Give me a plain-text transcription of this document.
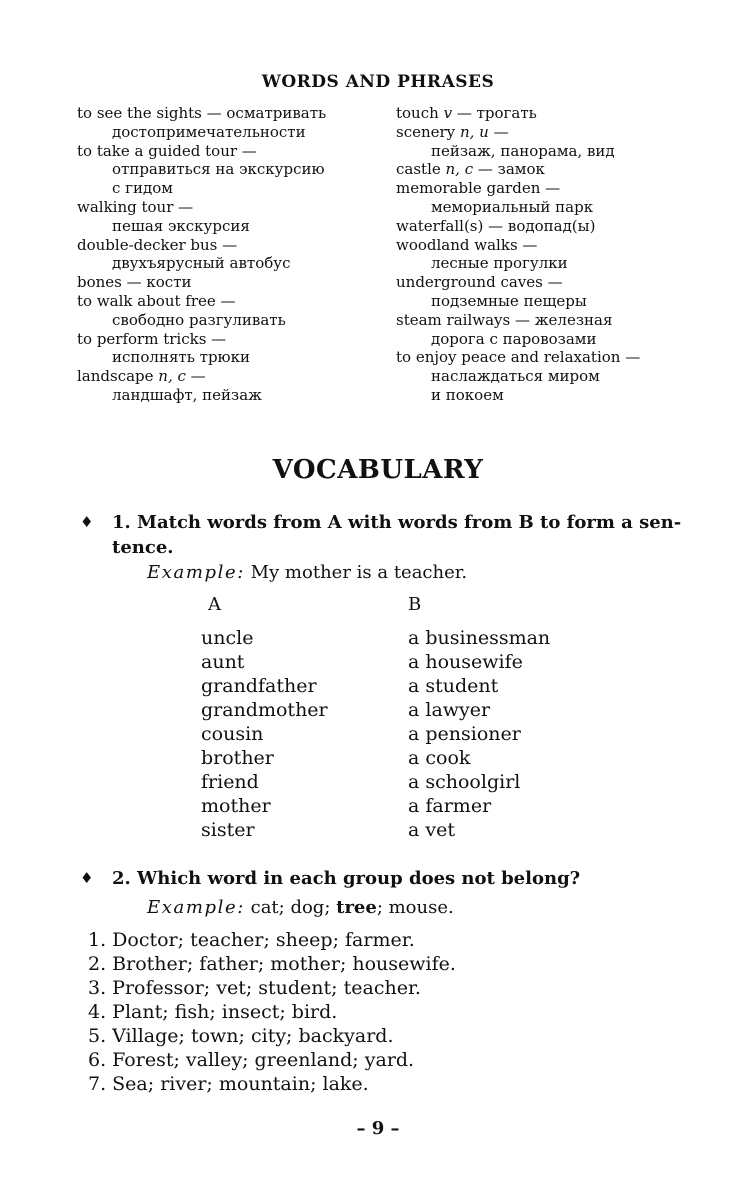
WORDS AND PHRASES
to see the sights — осматривать
достопримечательности
to take a guided tour —
отправиться на экскурсию
с гидом
walking tour —
пешая экскурсия
double-decker bus —
двухъярусный автобус
bones — кости
to walk about free —
свободно разгуливать
to perform tricks —
исполнять трюки
landscape n, c —
ландшафт, пейзаж
touch v — трогать
scenery n, u —
пейзаж, панорама, вид
castle n, c — замок
memorable garden —
мемориальный парк
waterfall(s) — водопад(ы)
woodland walks —
лесные прогулки
underground caves —
подземные пещеры
steam railways — железная
дорога с паровозами
to enjoy peace and relaxation —
наслаждаться миром
и покоем
VOCABULARY
♦ 1. Match words from A with words from B to form a sen-
tence.
Example: My mother is a teacher.
A	B
uncle
aunt
grandfather
grandmother
cousin
brother
friend
mother
sister
a businessman
a housewife
a student
a lawyer
a pensioner
a cook
a schoolgirl
a farmer
a vet
♦ 2. Which word in each group does not belong?
Example: cat; dog; tree; mouse.
1. Doctor; teacher; sheep; farmer.
2. Brother; father; mother; housewife.
3. Professor; vet; student; teacher.
4. Plant; fish; insect; bird.
5. Village; town; city; backyard.
6. Forest; valley; greenland; yard.
7. Sea; river; mountain; lake.
– 9 –
